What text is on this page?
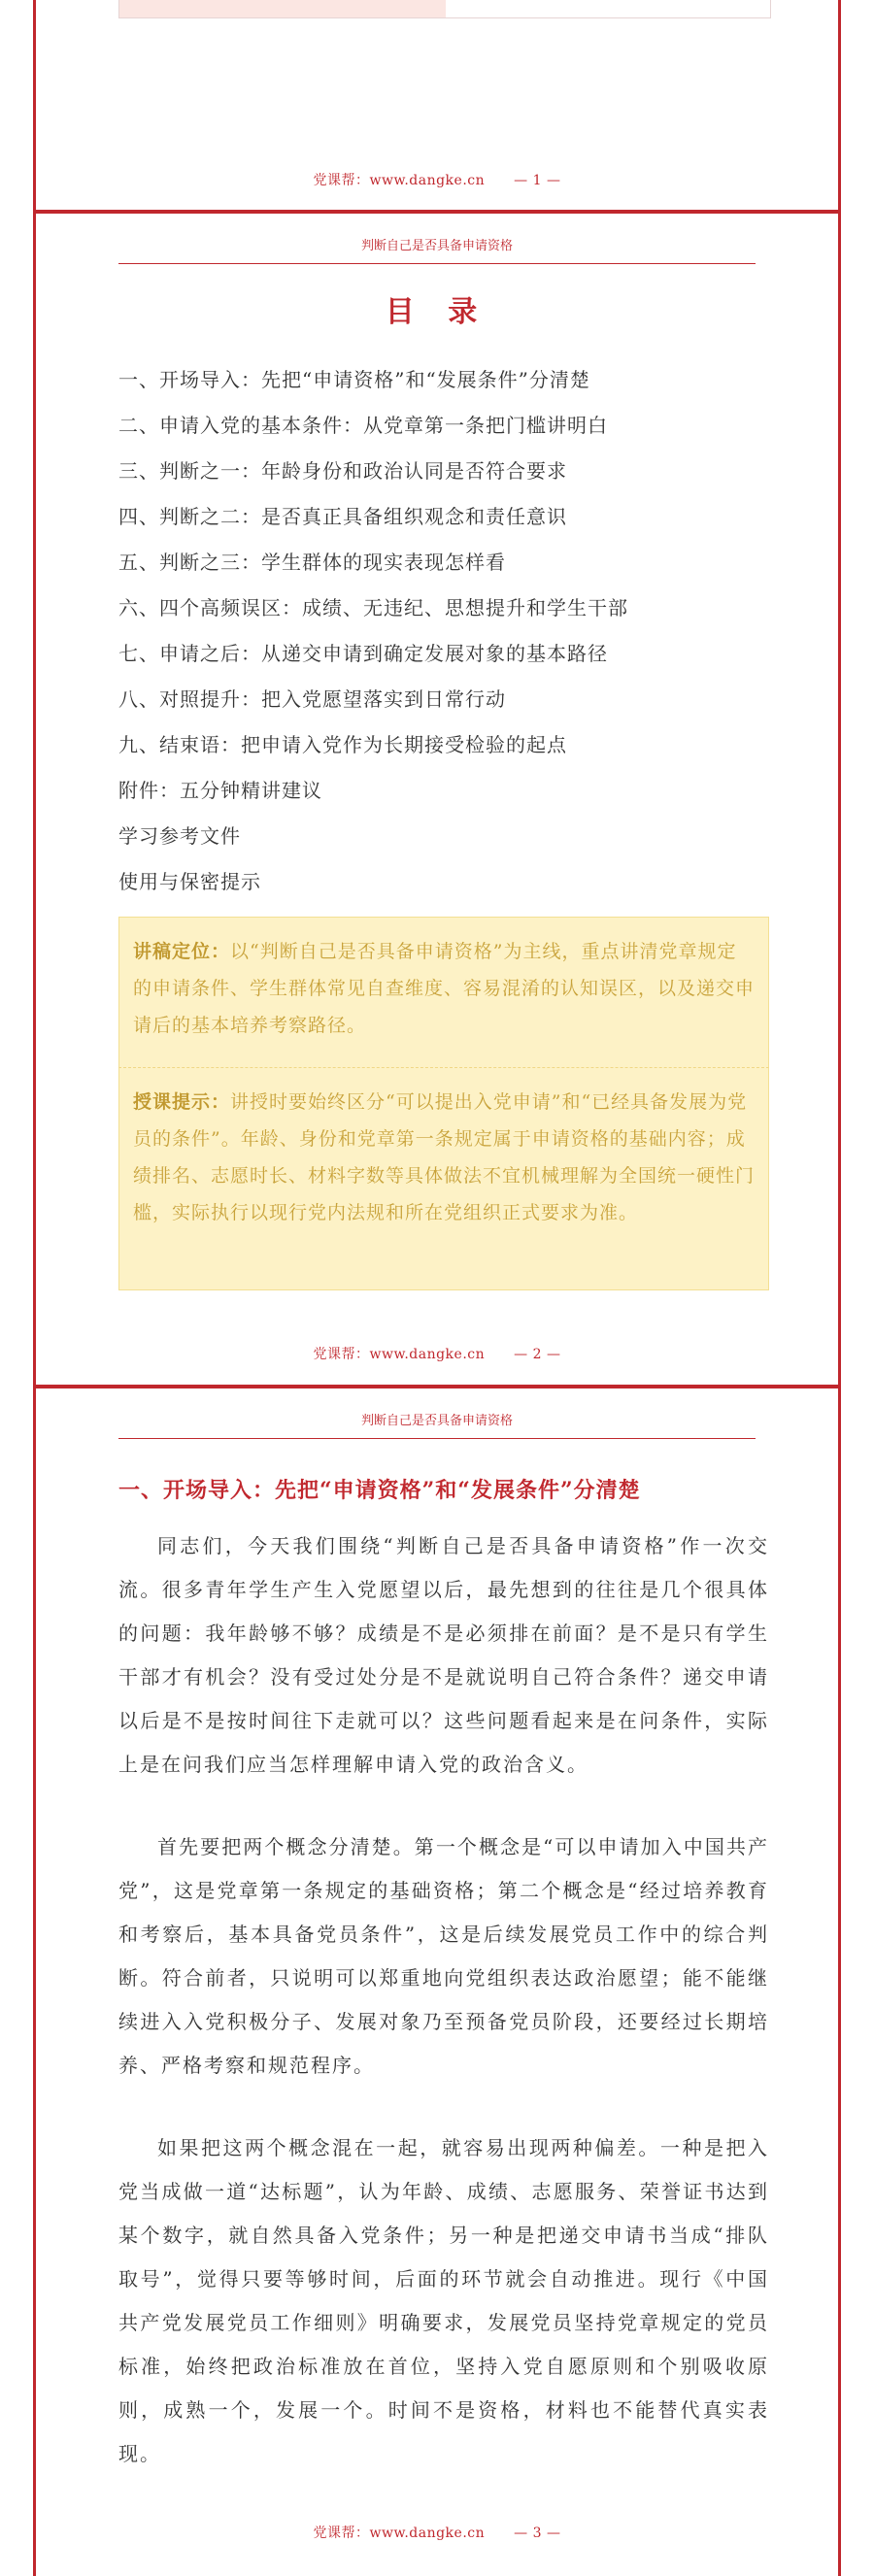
党课帮：www.dangke.cn — 1 —
判断自己是否具备申请资格
目 录
一、开场导入：先把“申请资格”和“发展条件”分清楚
二、申请入党的基本条件：从党章第一条把门槛讲明白
三、判断之一：年龄身份和政治认同是否符合要求
四、判断之二：是否真正具备组织观念和责任意识
五、判断之三：学生群体的现实表现怎样看
六、四个高频误区：成绩、无违纪、思想提升和学生干部
七、申请之后：从递交申请到确定发展对象的基本路径
八、对照提升：把入党愿望落实到日常行动
九、结束语：把申请入党作为长期接受检验的起点
附件：五分钟精讲建议
学习参考文件
使用与保密提示
讲稿定位：以“判断自己是否具备申请资格”为主线，重点讲清党章规定的申请条件、学生群体常见自查维度、容易混淆的认知误区，以及递交申请后的基本培养考察路径。
授课提示：讲授时要始终区分“可以提出入党申请”和“已经具备发展为党员的条件”。年龄、身份和党章第一条规定属于申请资格的基础内容；成绩排名、志愿时长、材料字数等具体做法不宜机械理解为全国统一硬性门槛，实际执行以现行党内法规和所在党组织正式要求为准。
党课帮：www.dangke.cn — 2 —
判断自己是否具备申请资格
一、开场导入：先把“申请资格”和“发展条件”分清楚

同志们，今天我们围绕“判断自己是否具备申请资格”作一次交流。很多青年学生产生入党愿望以后，最先想到的往往是几个很具体的问题：我年龄够不够？成绩是不是必须排在前面？是不是只有学生干部才有机会？没有受过处分是不是就说明自己符合条件？递交申请以后是不是按时间往下走就可以？这些问题看起来是在问条件，实际上是在问我们应当怎样理解申请入党的政治含义。

首先要把两个概念分清楚。第一个概念是“可以申请加入中国共产党”，这是党章第一条规定的基础资格；第二个概念是“经过培养教育和考察后，基本具备党员条件”，这是后续发展党员工作中的综合判断。符合前者，只说明可以郑重地向党组织表达政治愿望；能不能继续进入入党积极分子、发展对象乃至预备党员阶段，还要经过长期培养、严格考察和规范程序。

如果把这两个概念混在一起，就容易出现两种偏差。一种是把入党当成做一道“达标题”，认为年龄、成绩、志愿服务、荣誉证书达到某个数字，就自然具备入党条件；另一种是把递交申请书当成“排队取号”，觉得只要等够时间，后面的环节就会自动推进。现行《中国共产党发展党员工作细则》明确要求，发展党员坚持党章规定的党员标准，始终把政治标准放在首位，坚持入党自愿原则和个别吸收原则，成熟一个，发展一个。时间不是资格，材料也不能替代真实表现。

党课帮：www.dangke.cn — 3 —
